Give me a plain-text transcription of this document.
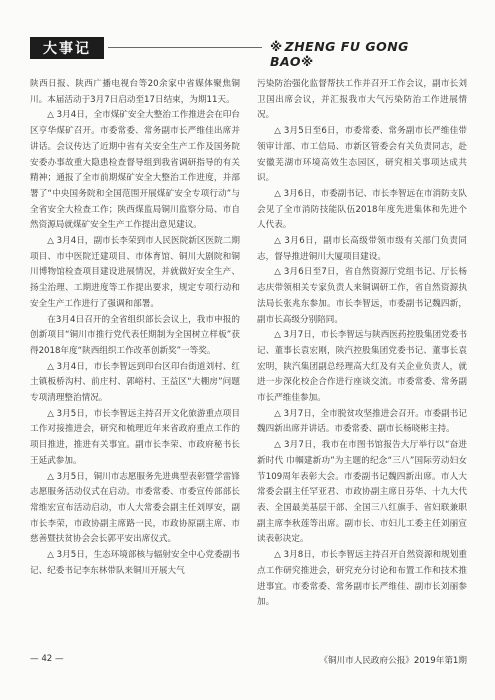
大事记	※ ZHENG FU GONG BAO※

陕西日报、陕西广播电视台等20余家中省媒体聚焦铜川。本届活动于3月7日启动至17日结束，为期11天。

△ 3月4日，全市煤矿安全大整治工作推进会在印台区亨华煤矿召开。市委常委、常务副市长严维佳出席并讲话。会议传达了近期中省有关安全生产工作及国务院安委办事故重大隐患检查督导组到我省调研指导的有关精神；通报了全市前期煤矿安全大整治工作进度，并部署了“中央国务院和全国范围开展煤矿安全专项行动”与全省安全大检查工作；陕西煤监局铜川监察分局、市自然资源局就煤矿安全生产工作提出意见建议。

△ 3月4日，副市长李荣到市人民医院新区医院二期项目、市中医院迁建项目、市体育馆、铜川大剧院和铜川博物馆检查项目建设进展情况，并就做好安全生产、扬尘治理、工期进度等工作提出要求，规定专项行动和安全生产工作进行了强调和部署。

在3月4日召开的全省组织部长会议上，我市申报的创新项目“铜川市推行党代表任期制为全国树立样板”获得2018年度“陕西组织工作改革创新奖”一等奖。

△ 3月4日，市长李智远到印台区印台街道刘村、红土镇板桥沟村、前庄村、郭峪村、王益区“大棚房”问题专项清理整治情况。

△ 3月5日，市长李智远主持召开文化旅游重点项目工作对接推进会，研究和梳理近年来省政府重点工作的项目推进，推进有关事宜。副市长李荣、市政府秘书长王延武参加。

△ 3月5日，铜川市志愿服务先进典型表彰暨学雷锋志愿服务活动仪式在启动。市委常委、市委宣传部部长常维宏宣布活动启动，市人大常委会副主任刘厚安，副市长李荣，市政协副主席路一民，市政协原副主席、市慈善暨扶贫协会会长郭平安出席仪式。

△ 3月5日，生态环境部核与辐射安全中心党委副书记、纪委书记李东林带队来铜川开展大气

污染防治强化监督帮扶工作并召开工作会议，副市长刘卫国出席会议，并汇报我市大气污染防治工作进展情况。

△ 3月5日至6日，市委常委、常务副市长严维佳带领审计部、市工信局、市新区管委会有关负责同志，赴安徽芜湖市环境高效生态园区，研究相关事项达成共识。

△ 3月6日，市委副书记、市长李智远在市消防支队会见了全市消防技能队伍2018年度先进集体和先进个人代表。

△ 3月6日，副市长高级带领市级有关部门负责同志，督导推进铜川大厦项目建设。

△ 3月6日至7日，省自然资源厅党组书记、厅长杨志庆带领相关专家负责人来铜调研工作，省自然资源执法局长张兆东参加。市长李智远，市委副书记魏四新，副市长高级分别陪同。

△ 3月7日，市长李智远与陕西医药控股集团党委书记、董事长袁宏刚，陕汽控股集团党委书记、董事长袁宏明，陕汽集团副总经理高大红及有关企业负责人，就进一步深化校企合作进行座谈交流。市委常委、常务副市长严维佳参加。

△ 3月7日，全市脱贫攻坚推进会召开。市委副书记魏四新出席并讲话。市委常委、副市长杨晓彬主持。

△ 3月7日，我市在市图书馆报告大厅举行以“奋进新时代 巾帼建新功”为主题的纪念“三八”国际劳动妇女节109周年表彰大会。市委副书记魏四新出席。市人大常委会副主任罕亚君、市政协副主席日芬华、十九大代表、全国最美基层干部、全国三八红旗手、省妇联兼职副主席李秋莲等出席。副市长、市妇儿工委主任刘丽宣读表彰决定。

△ 3月8日，市长李智远主持召开自然资源和规划重点工作研究推进会，研究充分讨论和布置工作和技术推进事宜。市委常委、常务副市长严维佳、副市长刘丽参加。

— 42 —	《铜川市人民政府公报》2019年第1期
